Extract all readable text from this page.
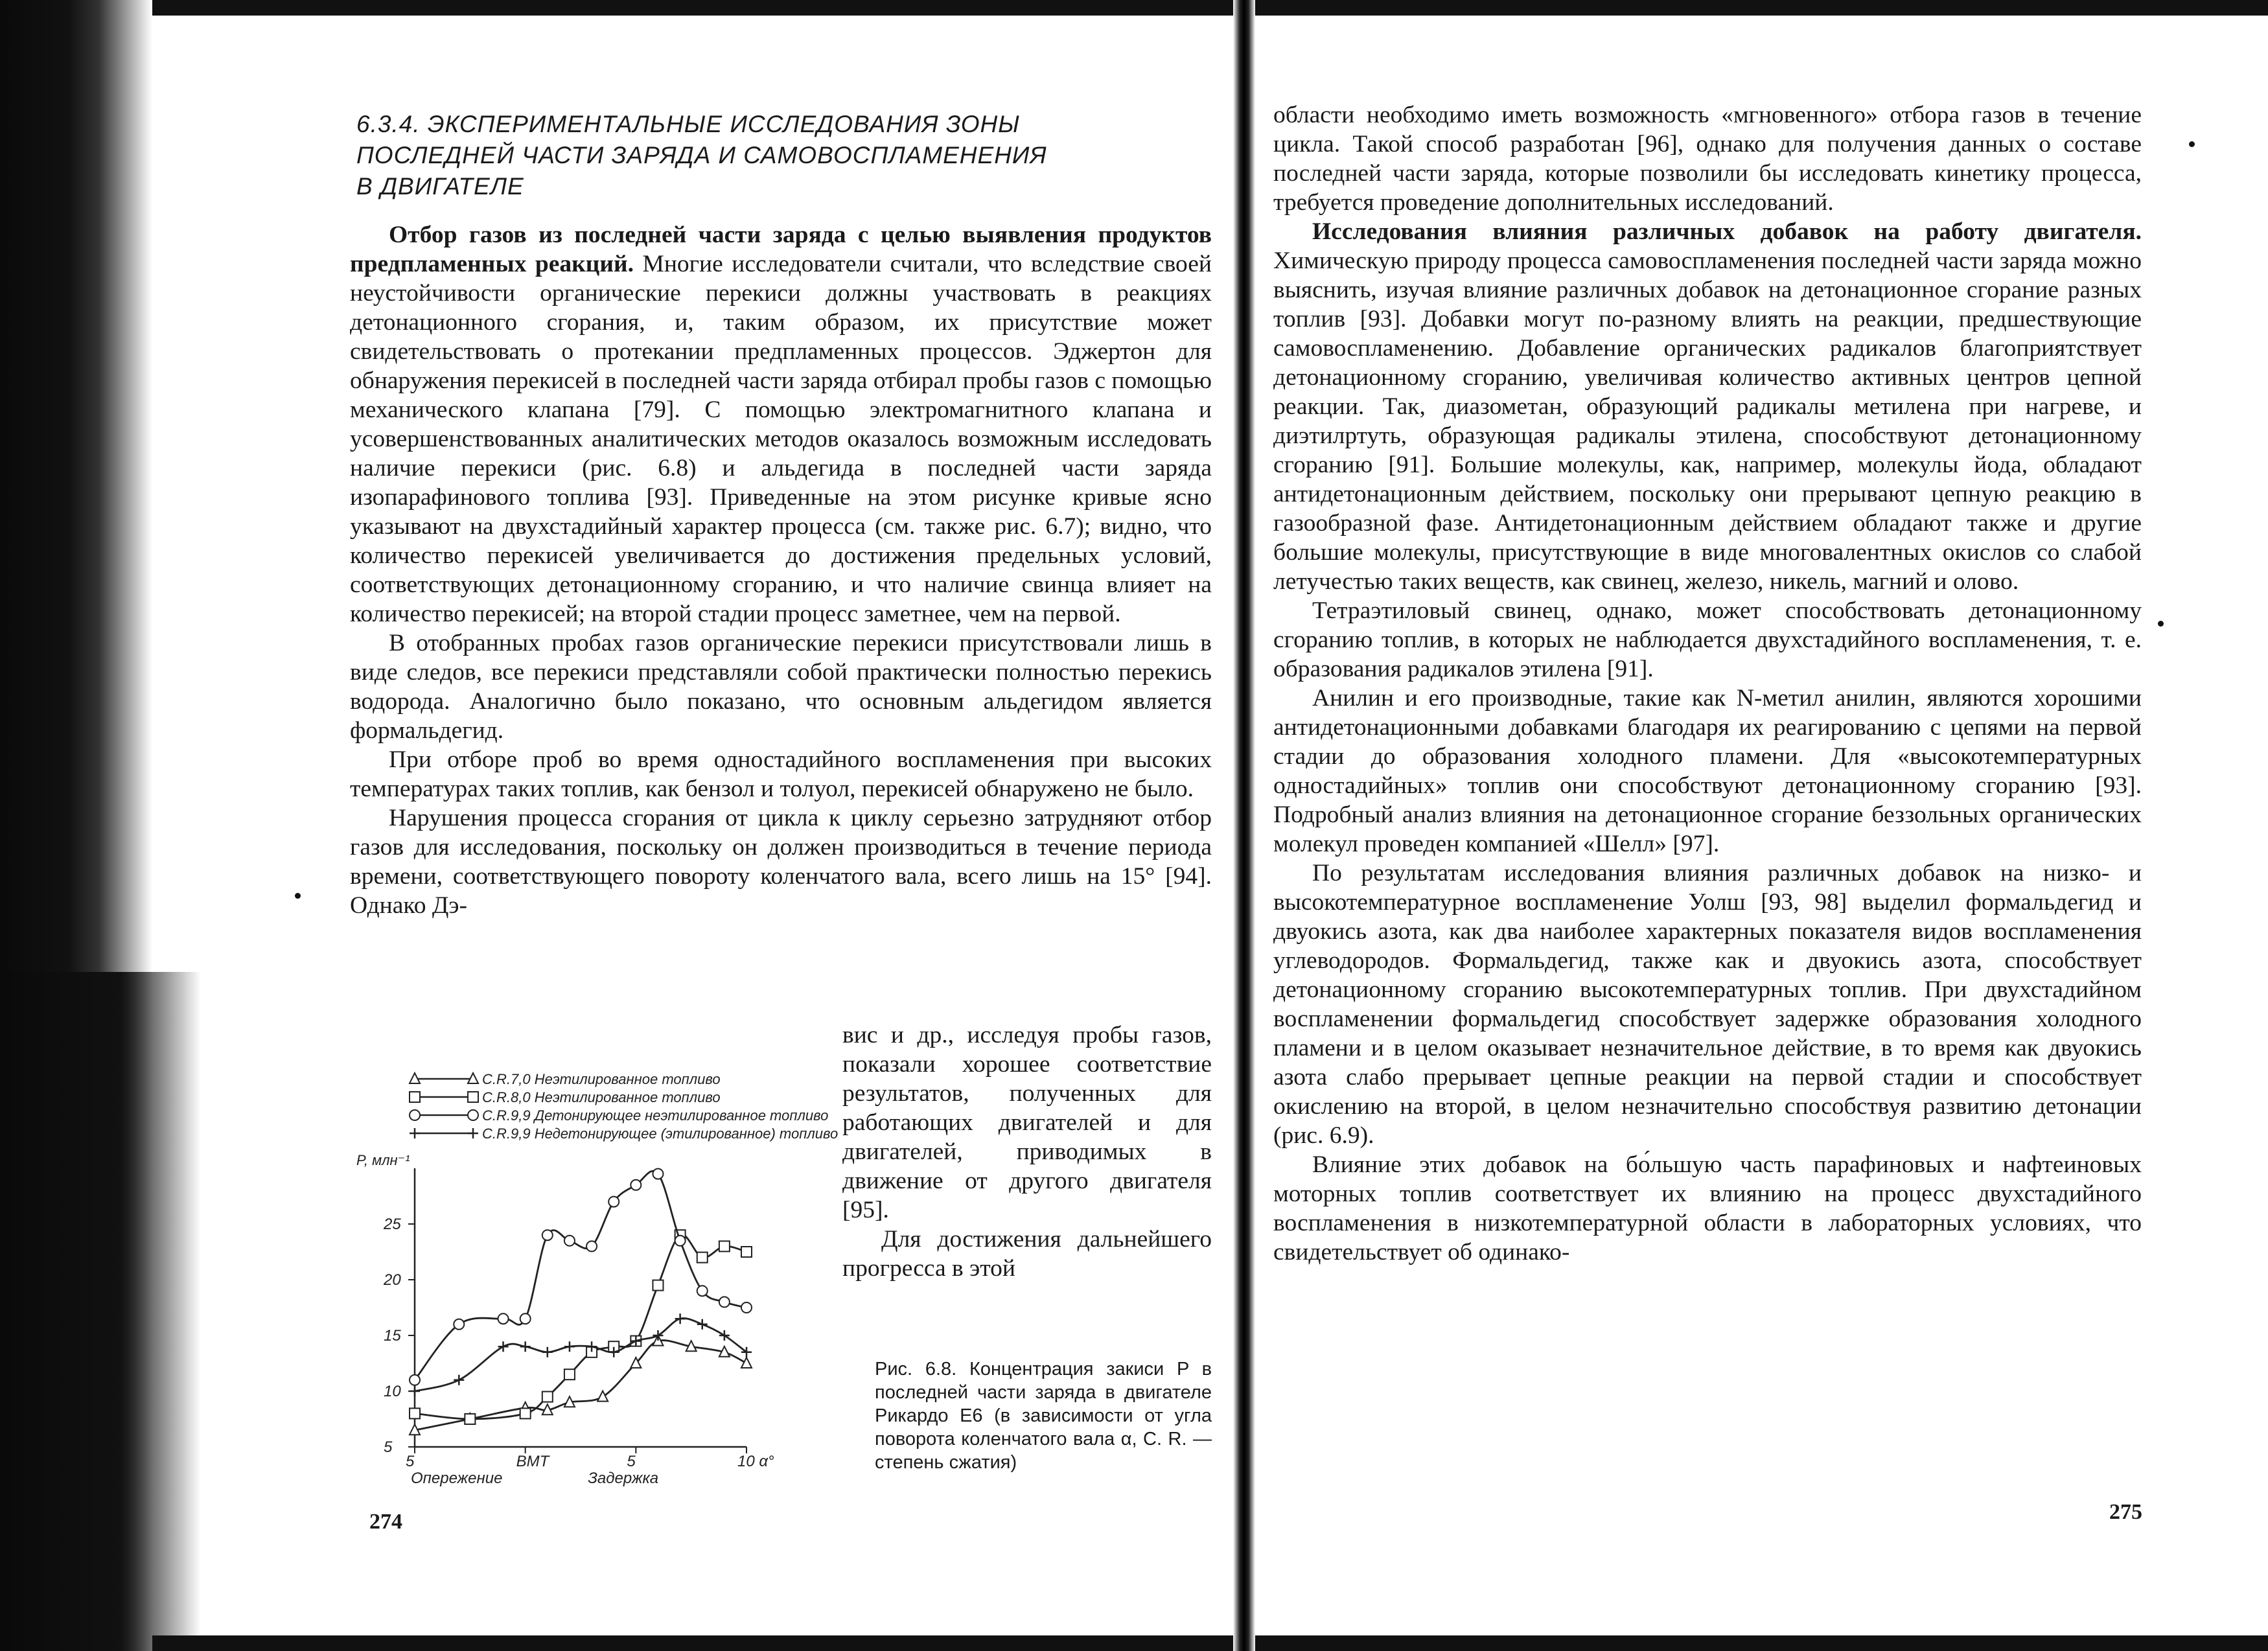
6.3.4. ЭКСПЕРИМЕНТАЛЬНЫЕ ИССЛЕДОВАНИЯ ЗОНЫ
ПОСЛЕДНЕЙ ЧАСТИ ЗАРЯДА И САМОВОСПЛАМЕНЕНИЯ
В ДВИГАТЕЛЕ

Отбор газов из последней части заряда с целью выявления продуктов предпламенных реакций. Многие исследователи считали, что вследствие своей неустойчивости органические перекиси должны участвовать в реакциях детонационного сгорания, и, таким образом, их присутствие может свидетельствовать о протекании предпламенных процессов. Эджертон для обнаружения перекисей в последней части заряда отбирал пробы газов с помощью механического клапана [79]. С помощью электромагнитного клапана и усовершенствованных аналитических методов оказалось возможным исследовать наличие перекиси (рис. 6.8) и альдегида в последней части заряда изопарафинового топлива [93]. Приведенные на этом рисунке кривые ясно указывают на двухстадийный характер процесса (см. также рис. 6.7); видно, что количество перекисей увеличивается до достижения предельных условий, соответствующих детонационному сгоранию, и что наличие свинца влияет на количество перекисей; на второй стадии процесс заметнее, чем на первой.

В отобранных пробах газов органические перекиси присутствовали лишь в виде следов, все перекиси представляли собой практически полностью перекись водорода. Аналогично было показано, что основным альдегидом является формальдегид.

При отборе проб во время одностадийного воспламенения при высоких температурах таких топлив, как бензол и толуол, перекисей обнаружено не было.

Нарушения процесса сгорания от цикла к циклу серьезно затрудняют отбор газов для исследования, поскольку он должен производиться в течение периода времени, соответствующего повороту коленчатого вала, всего лишь на 15° [94]. Однако Дэ-

вис и др., исследуя пробы газов, показали хорошее соответствие результатов, полученных для работающих двигателей и для двигателей, приводимых в движение от другого двигателя [95].

Для достижения дальнейшего прогресса в этой

5
10
15
20
25
5	ВМТ	5	10 α°
Опережение	Задержка
P, млн⁻¹
C.R.7,0 Неэтилированное топливо
C.R.8,0 Неэтилированное топливо
C.R.9,9 Детонирующее неэтилированное топливо
C.R.9,9 Недетонирующее (этилированное) топливо
Рис. 6.8. Концентрация закиси P в последней части заряда в двигателе Рикардо E6 (в зависимости от угла поворота коленчатого вала α, C. R. — степень сжатия)
274

области необходимо иметь возможность «мгновенного» отбора газов в течение цикла. Такой способ разработан [96], однако для получения данных о составе последней части заряда, которые позволили бы исследовать кинетику процесса, требуется проведение дополнительных исследований.

Исследования влияния различных добавок на работу двигателя. Химическую природу процесса самовоспламенения последней части заряда можно выяснить, изучая влияние различных добавок на детонационное сгорание разных топлив [93]. Добавки могут по-разному влиять на реакции, предшествующие самовоспламенению. Добавление органических радикалов благоприятствует детонационному сгоранию, увеличивая количество активных центров цепной реакции. Так, диазометан, образующий радикалы метилена при нагреве, и диэтилртуть, образующая радикалы этилена, способствуют детонационному сгоранию [91]. Большие молекулы, как, например, молекулы йода, обладают антидетонационным действием, поскольку они прерывают цепную реакцию в газообразной фазе. Антидетонационным действием обладают также и другие большие молекулы, присутствующие в виде многовалентных окислов со слабой летучестью таких веществ, как свинец, железо, никель, магний и олово.

Тетраэтиловый свинец, однако, может способствовать детонационному сгоранию топлив, в которых не наблюдается двухстадийного воспламенения, т. е. образования радикалов этилена [91].

Анилин и его производные, такие как N-метил анилин, являются хорошими антидетонационными добавками благодаря их реагированию с цепями на первой стадии до образования холодного пламени. Для «высокотемпературных одностадийных» топлив они способствуют детонационному сгоранию [93]. Подробный анализ влияния на детонационное сгорание беззольных органических молекул проведен компанией «Шелл» [97].

По результатам исследования влияния различных добавок на низко- и высокотемпературное воспламенение Уолш [93, 98] выделил формальдегид и двуокись азота, как два наиболее характерных показателя видов воспламенения углеводородов. Формальдегид, также как и двуокись азота, способствует детонационному сгоранию высокотемпературных топлив. При двухстадийном воспламенении формальдегид способствует задержке образования холодного пламени и в целом оказывает незначительное действие, в то время как двуокись азота слабо прерывает цепные реакции на первой стадии и способствует окислению на второй, в целом незначительно способствуя развитию детонации (рис. 6.9).

Влияние этих добавок на бо́льшую часть парафиновых и нафтеиновых моторных топлив соответствует их влиянию на процесс двухстадийного воспламенения в низкотемпературной области в лабораторных условиях, что свидетельствует об одинако-

275
